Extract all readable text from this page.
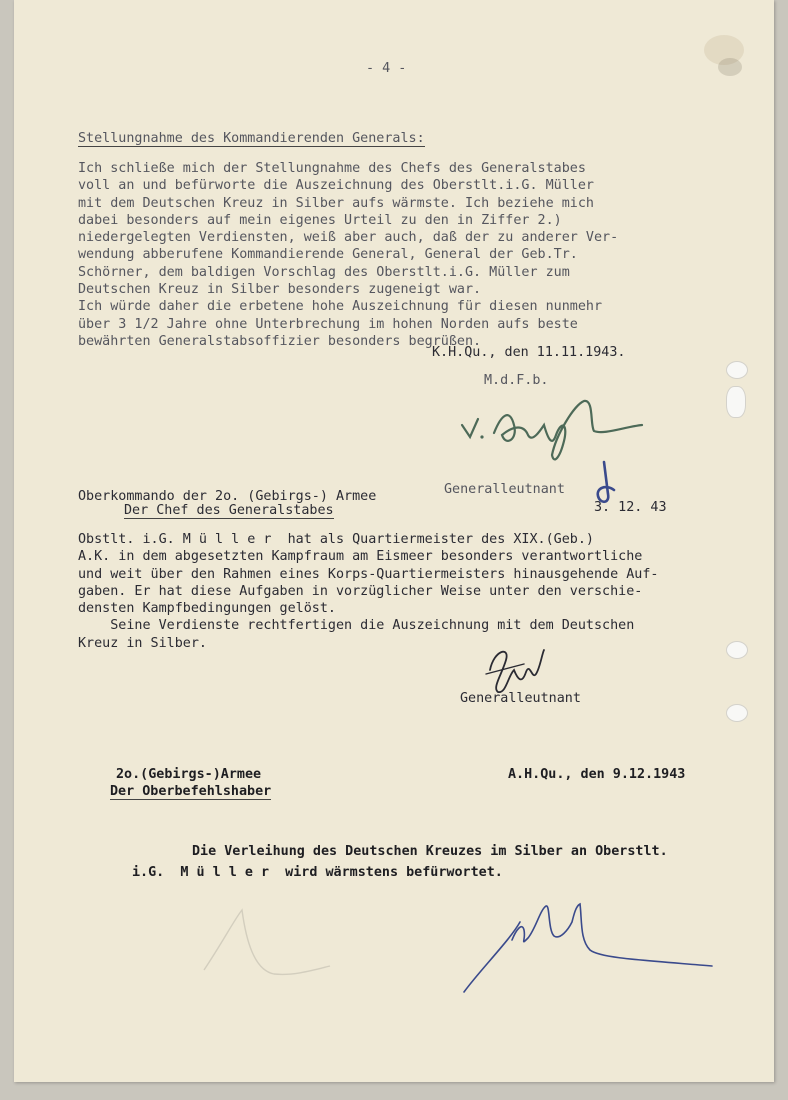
- 4 -
Stellungnahme des Kommandierenden Generals:
Ich schließe mich der Stellungnahme des Chefs des Generalstabes
voll an und befürworte die Auszeichnung des Oberstlt.i.G. Müller
mit dem Deutschen Kreuz in Silber aufs wärmste. Ich beziehe mich
dabei besonders auf mein eigenes Urteil zu den in Ziffer 2.)
niedergelegten Verdiensten, weiß aber auch, daß der zu anderer Ver-
wendung abberufene Kommandierende General, General der Geb.Tr.
Schörner, dem baldigen Vorschlag des Oberstlt.i.G. Müller zum
Deutschen Kreuz in Silber besonders zugeneigt war.
Ich würde daher die erbetene hohe Auszeichnung für diesen nunmehr
über 3 1/2 Jahre ohne Unterbrechung im hohen Norden aufs beste
bewährten Generalstabsoffizier besonders begrüßen.
K.H.Qu., den 11.11.1943.
M.d.F.b.
Generalleutnant
Oberkommando der 2o. (Gebirgs-) Armee
Der Chef des Generalstabes	3. 12. 43
Obstlt. i.G. M ü l l e r  hat als Quartiermeister des XIX.(Geb.)
A.K. in dem abgesetzten Kampfraum am Eismeer besonders verantwortliche
und weit über den Rahmen eines Korps-Quartiermeisters hinausgehende Auf-
gaben. Er hat diese Aufgaben in vorzüglicher Weise unter den verschie-
densten Kampfbedingungen gelöst.
Seine Verdienste rechtfertigen die Auszeichnung mit dem Deutschen
Kreuz in Silber.
Generalleutnant
2o.(Gebirgs-)Armee
Der Oberbefehlshaber
A.H.Qu., den 9.12.1943
Die Verleihung des Deutschen Kreuzes im Silber an Oberstlt.
i.G.  M ü l l e r  wird wärmstens befürwortet.
